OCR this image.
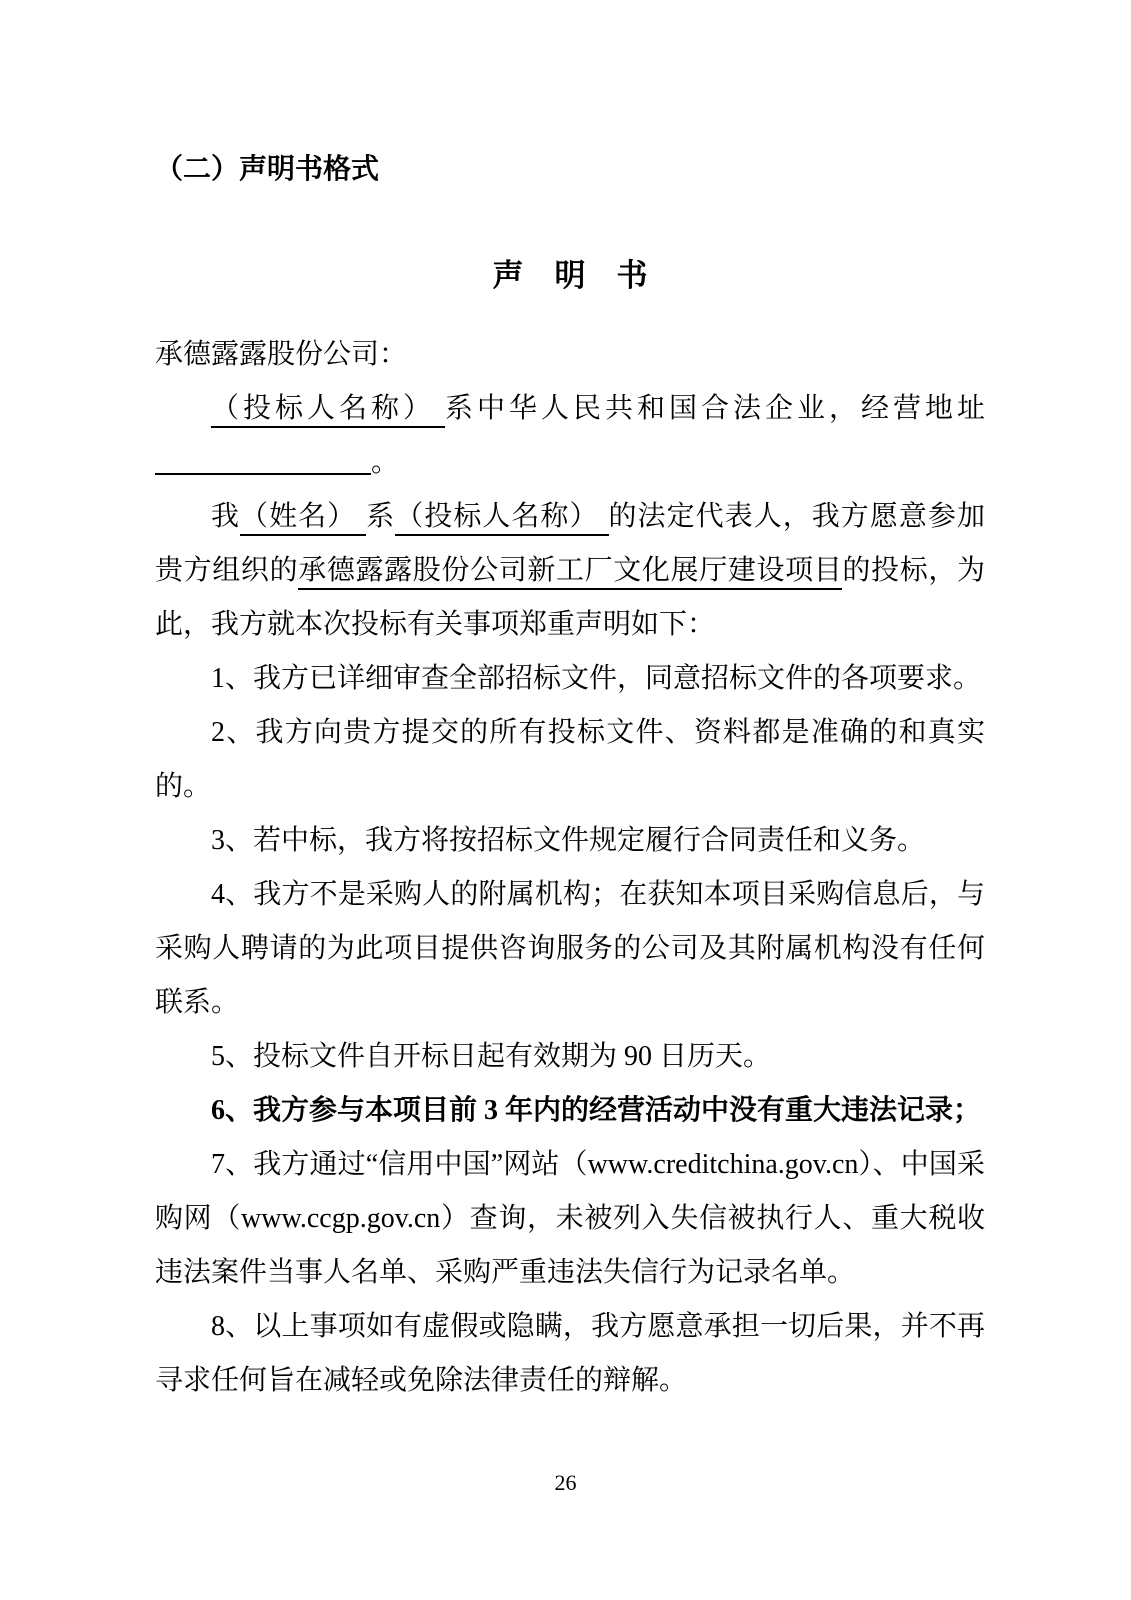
（二）声明书格式
声　明　书

承德露露股份公司：

（投标人名称） 系中华人民共和国合法企业，经营地址。

我（姓名） 系（投标人名称） 的法定代表人，我方愿意参加贵方组织的承德露露股份公司新工厂文化展厅建设项目的投标，为此，我方就本次投标有关事项郑重声明如下：

1、我方已详细审查全部招标文件，同意招标文件的各项要求。

2、我方向贵方提交的所有投标文件、资料都是准确的和真实的。

3、若中标，我方将按招标文件规定履行合同责任和义务。

4、我方不是采购人的附属机构；在获知本项目采购信息后，与采购人聘请的为此项目提供咨询服务的公司及其附属机构没有任何联系。

5、投标文件自开标日起有效期为 90 日历天。

6、我方参与本项目前 3 年内的经营活动中没有重大违法记录；

7、我方通过“信用中国”网站（www.creditchina.gov.cn）、中国采购网（www.ccgp.gov.cn）查询，未被列入失信被执行人、重大税收违法案件当事人名单、采购严重违法失信行为记录名单。

8、以上事项如有虚假或隐瞒，我方愿意承担一切后果，并不再寻求任何旨在减轻或免除法律责任的辩解。

26
